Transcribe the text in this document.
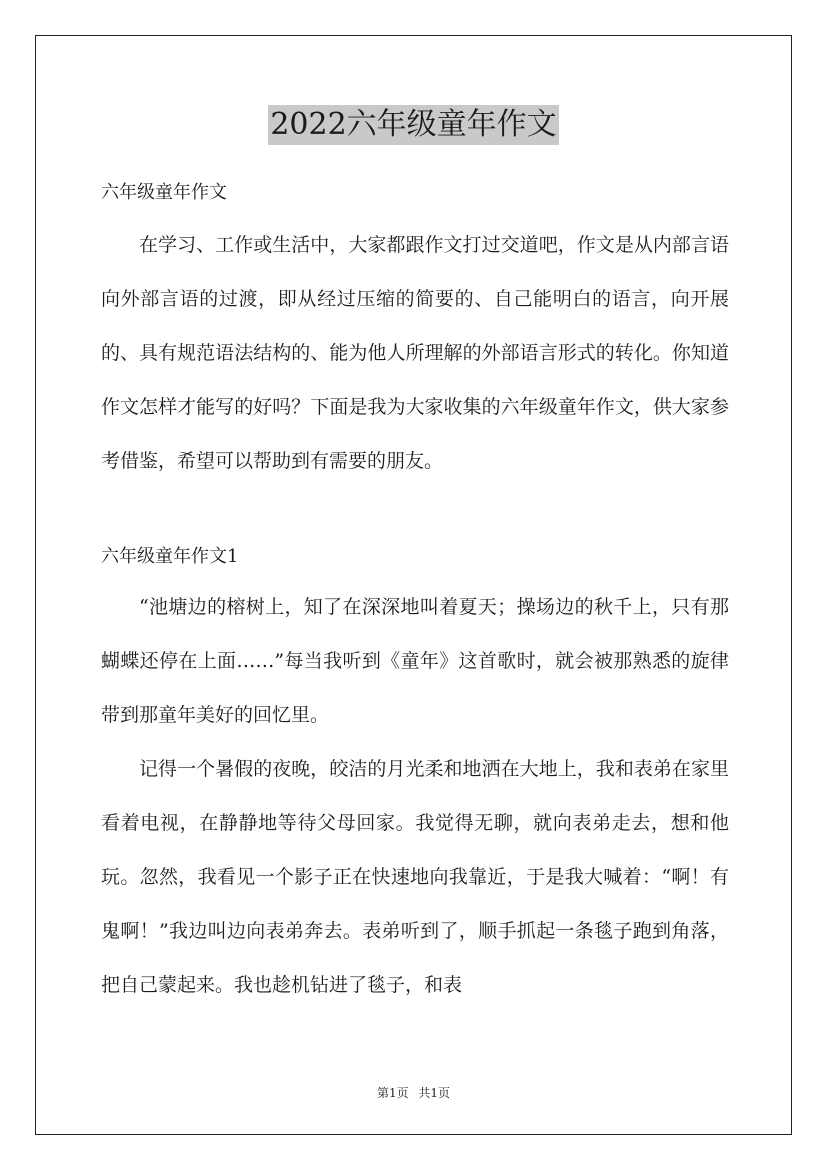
2022六年级童年作文

六年级童年作文

在学习、工作或生活中，大家都跟作文打过交道吧，作文是从内部言语向外部言语的过渡，即从经过压缩的简要的、自己能明白的语言，向开展的、具有规范语法结构的、能为他人所理解的外部语言形式的转化。你知道作文怎样才能写的好吗？下面是我为大家收集的六年级童年作文，供大家参考借鉴，希望可以帮助到有需要的朋友。

六年级童年作文1

“池塘边的榕树上，知了在深深地叫着夏天；操场边的秋千上，只有那蝴蝶还停在上面……”每当我听到《童年》这首歌时，就会被那熟悉的旋律带到那童年美好的回忆里。

记得一个暑假的夜晚，皎洁的月光柔和地洒在大地上，我和表弟在家里看着电视，在静静地等待父母回家。我觉得无聊，就向表弟走去，想和他玩。忽然，我看见一个影子正在快速地向我靠近，于是我大喊着：“啊！有鬼啊！”我边叫边向表弟奔去。表弟听到了，顺手抓起一条毯子跑到角落，把自己蒙起来。我也趁机钻进了毯子，和表

第1页 共1页
